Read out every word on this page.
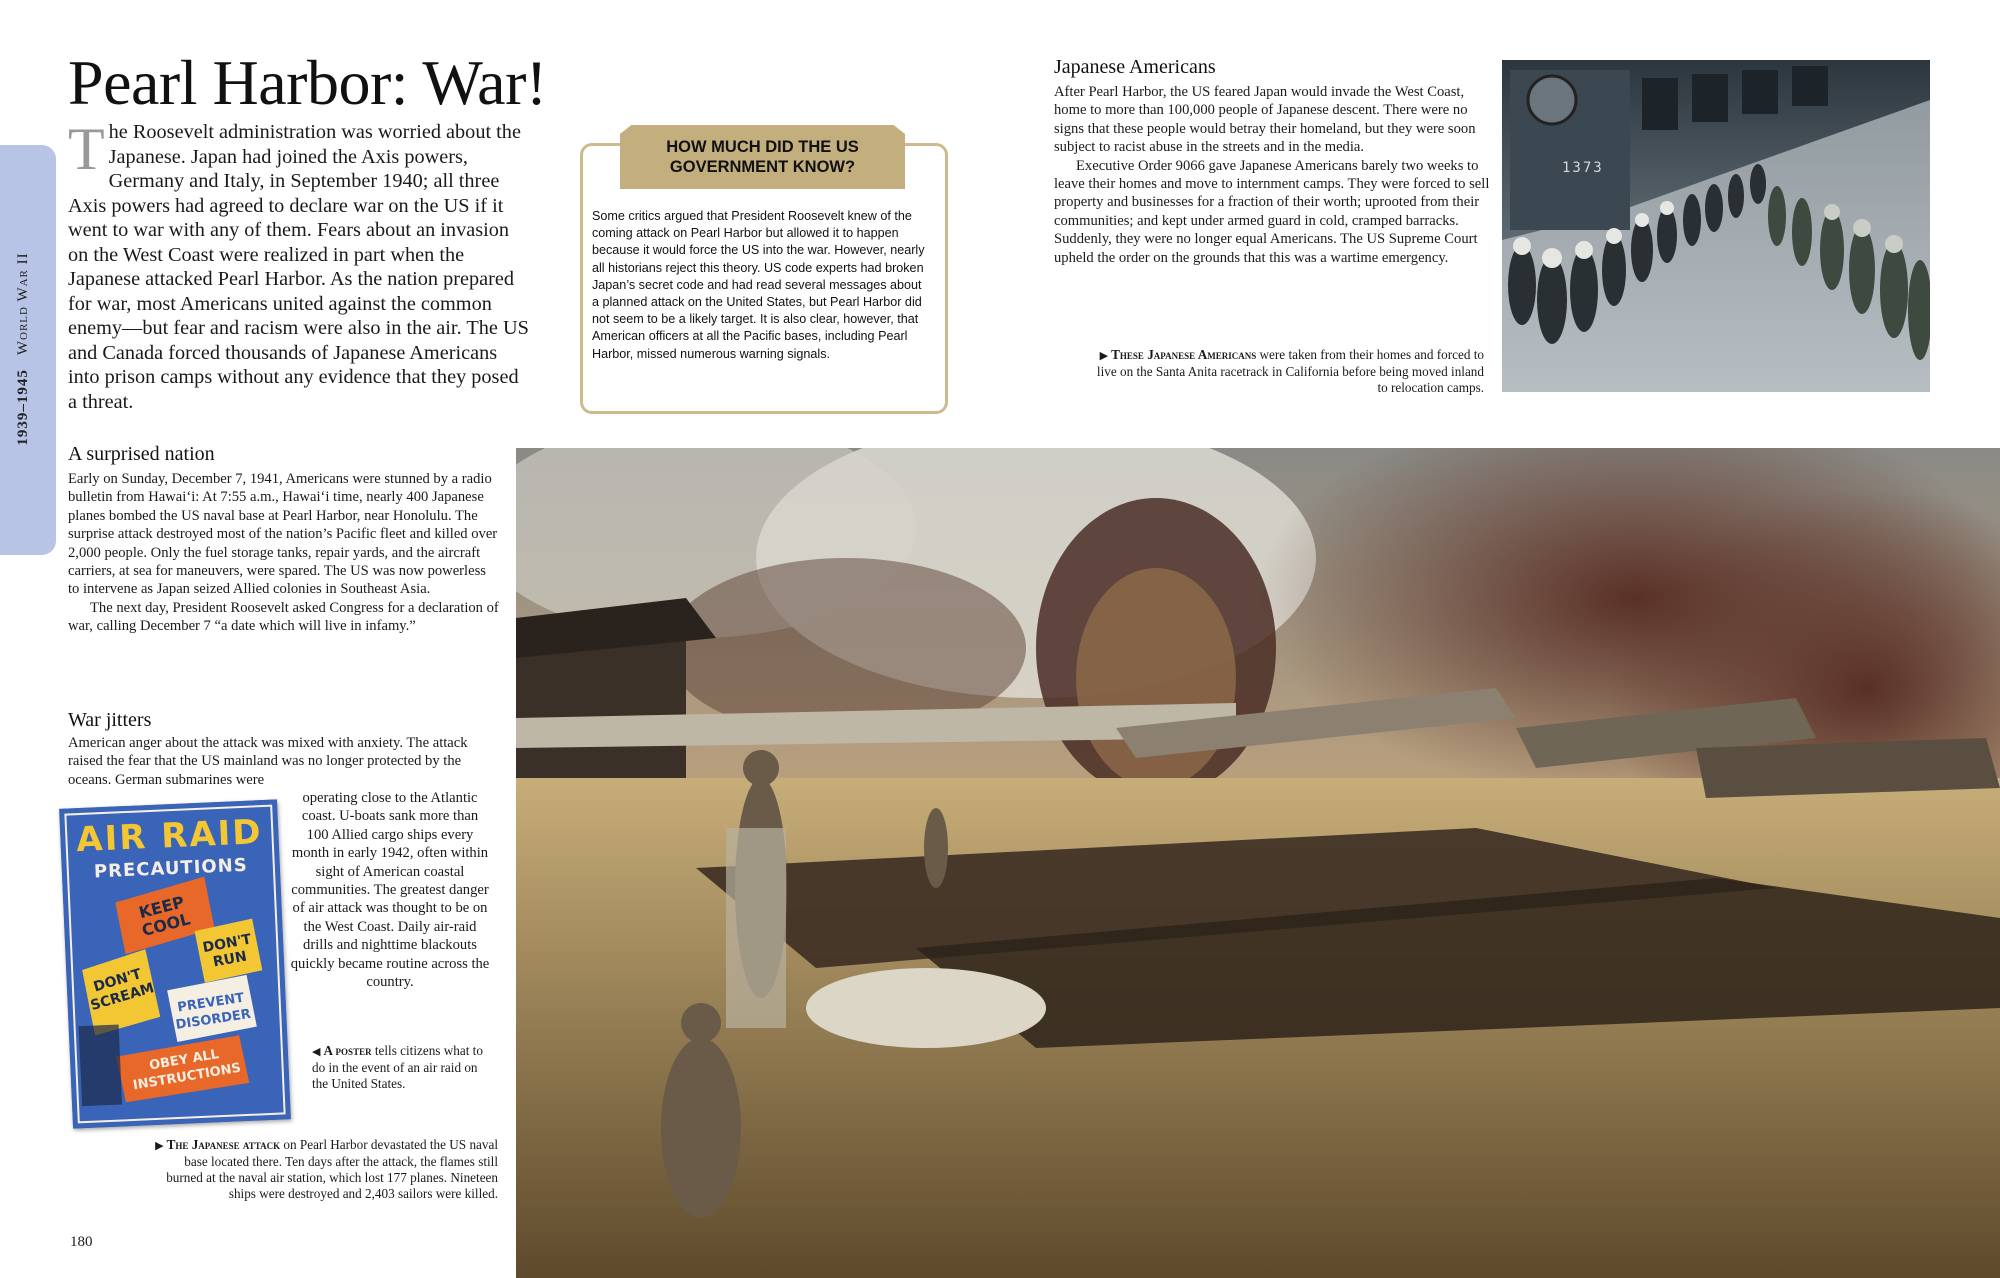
1939–1945World War II
Pearl Harbor: War!

The Roosevelt administration was worried about the Japanese. Japan had joined the Axis powers, Germany and Italy, in September 1940; all three Axis powers had agreed to declare war on the US if it went to war with any of them. Fears about an invasion on the West Coast were realized in part when the Japanese attacked Pearl Harbor. As the nation prepared for war, most Americans united against the common enemy—but fear and racism were also in the air. The US and Canada forced thousands of Japanese Americans into prison camps without any evidence that they posed a threat.

A surprised nation

Early on Sunday, December 7, 1941, Americans were stunned by a radio bulletin from Hawai‘i: At 7:55 a.m., Hawai‘i time, nearly 400 Japanese planes bombed the US naval base at Pearl Harbor, near Honolulu. The surprise attack destroyed most of the nation’s Pacific fleet and killed over 2,000 people. Only the fuel storage tanks, repair yards, and the aircraft carriers, at sea for maneuvers, were spared. The US was now powerless to intervene as Japan seized Allied colonies in Southeast Asia.

The next day, President Roosevelt asked Congress for a declaration of war, calling December 7 “a date which will live in infamy.”

War jitters

American anger about the attack was mixed with anxiety. The attack raised the fear that the US mainland was no longer protected by the oceans. German submarines were

operating close to the Atlantic coast. U-boats sank more than 100 Allied cargo ships every month in early 1942, often within sight of American coastal communities. The greatest danger of air attack was thought to be on the West Coast. Daily air-raid drills and nighttime blackouts quickly became routine across the country.

AIR RAID
PRECAUTIONS
KEEP COOL
DON'T RUN
DON'T SCREAM	PREVENT DISORDER
OBEY ALL INSTRUCTIONS

◀ A poster tells citizens what to do in the event of an air raid on the United States.

▶ The Japanese attack on Pearl Harbor devastated the US naval base located there. Ten days after the attack, the flames still burned at the naval air station, which lost 177 planes. Nineteen ships were destroyed and 2,403 sailors were killed.

180
HOW MUCH DID THE US GOVERNMENT KNOW?

Some critics argued that President Roosevelt knew of the coming attack on Pearl Harbor but allowed it to happen because it would force the US into the war. However, nearly all historians reject this theory. US code experts had broken Japan’s secret code and had read several messages about a planned attack on the United States, but Pearl Harbor did not seem to be a likely target. It is also clear, however, that American officers at all the Pacific bases, including Pearl Harbor, missed numerous warning signals.

Japanese Americans

After Pearl Harbor, the US feared Japan would invade the West Coast, home to more than 100,000 people of Japanese descent. There were no signs that these people would betray their homeland, but they were soon subject to racist abuse in the streets and in the media.

Executive Order 9066 gave Japanese Americans barely two weeks to leave their homes and move to internment camps. They were forced to sell property and businesses for a fraction of their worth; uprooted from their communities; and kept under armed guard in cold, cramped barracks. Suddenly, they were no longer equal Americans. The US Supreme Court upheld the order on the grounds that this was a wartime emergency.

▶ These Japanese Americans were taken from their homes and forced to live on the Santa Anita racetrack in California before being moved inland to relocation camps.

1373
